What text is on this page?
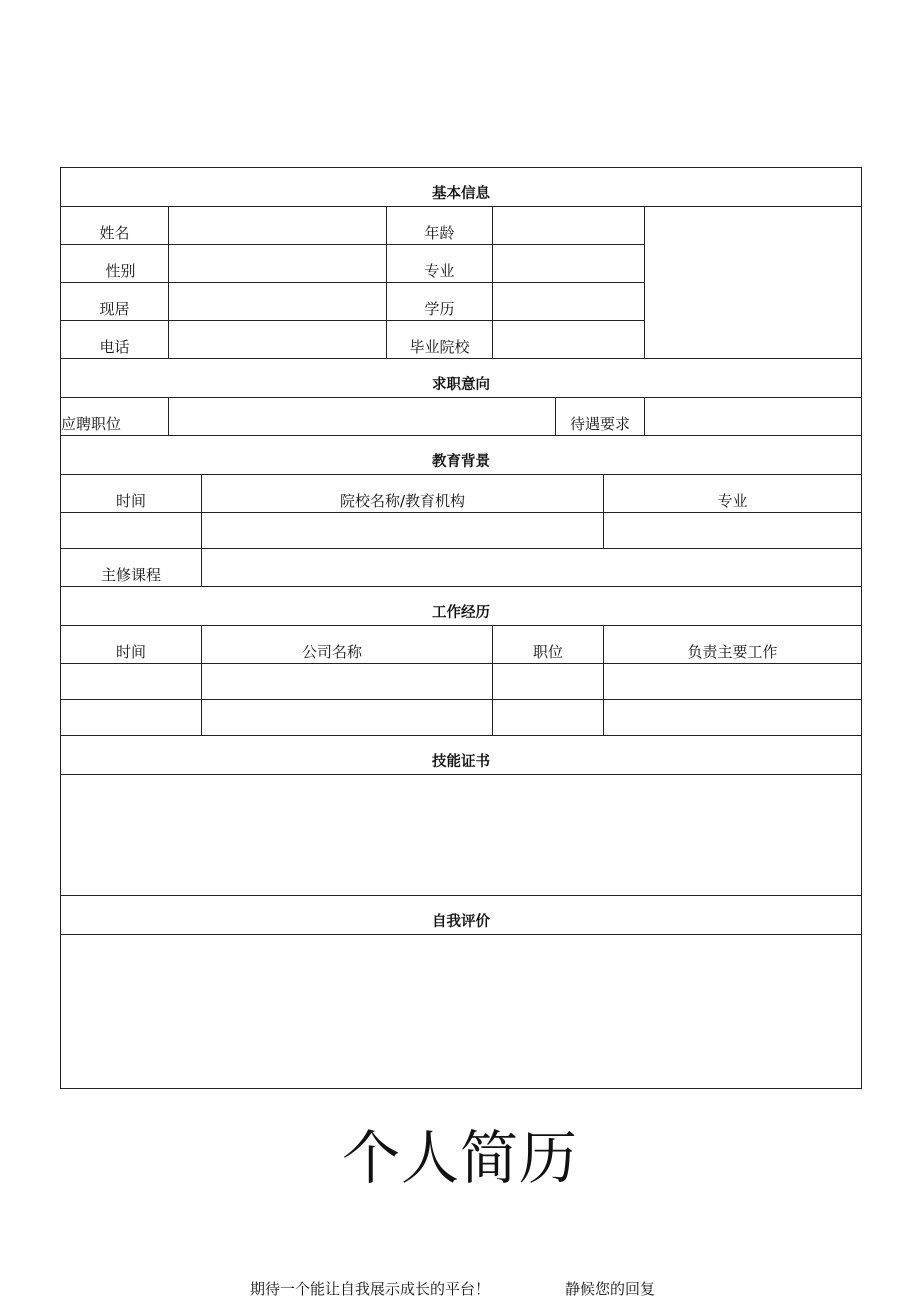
基本信息							
姓名			年龄				
性别			专业				
现居			学历				
电话			毕业院校				
求职意向							
应聘职位					待遇要求		
教育背景							
时间		院校名称/教育机构				专业	

主修课程							
工作经历							
时间		公司名称		职位		负责主要工作	

技能证书							

自我评价							

个人简历
期待一个能让自我展示成长的平台！	静候您的回复
